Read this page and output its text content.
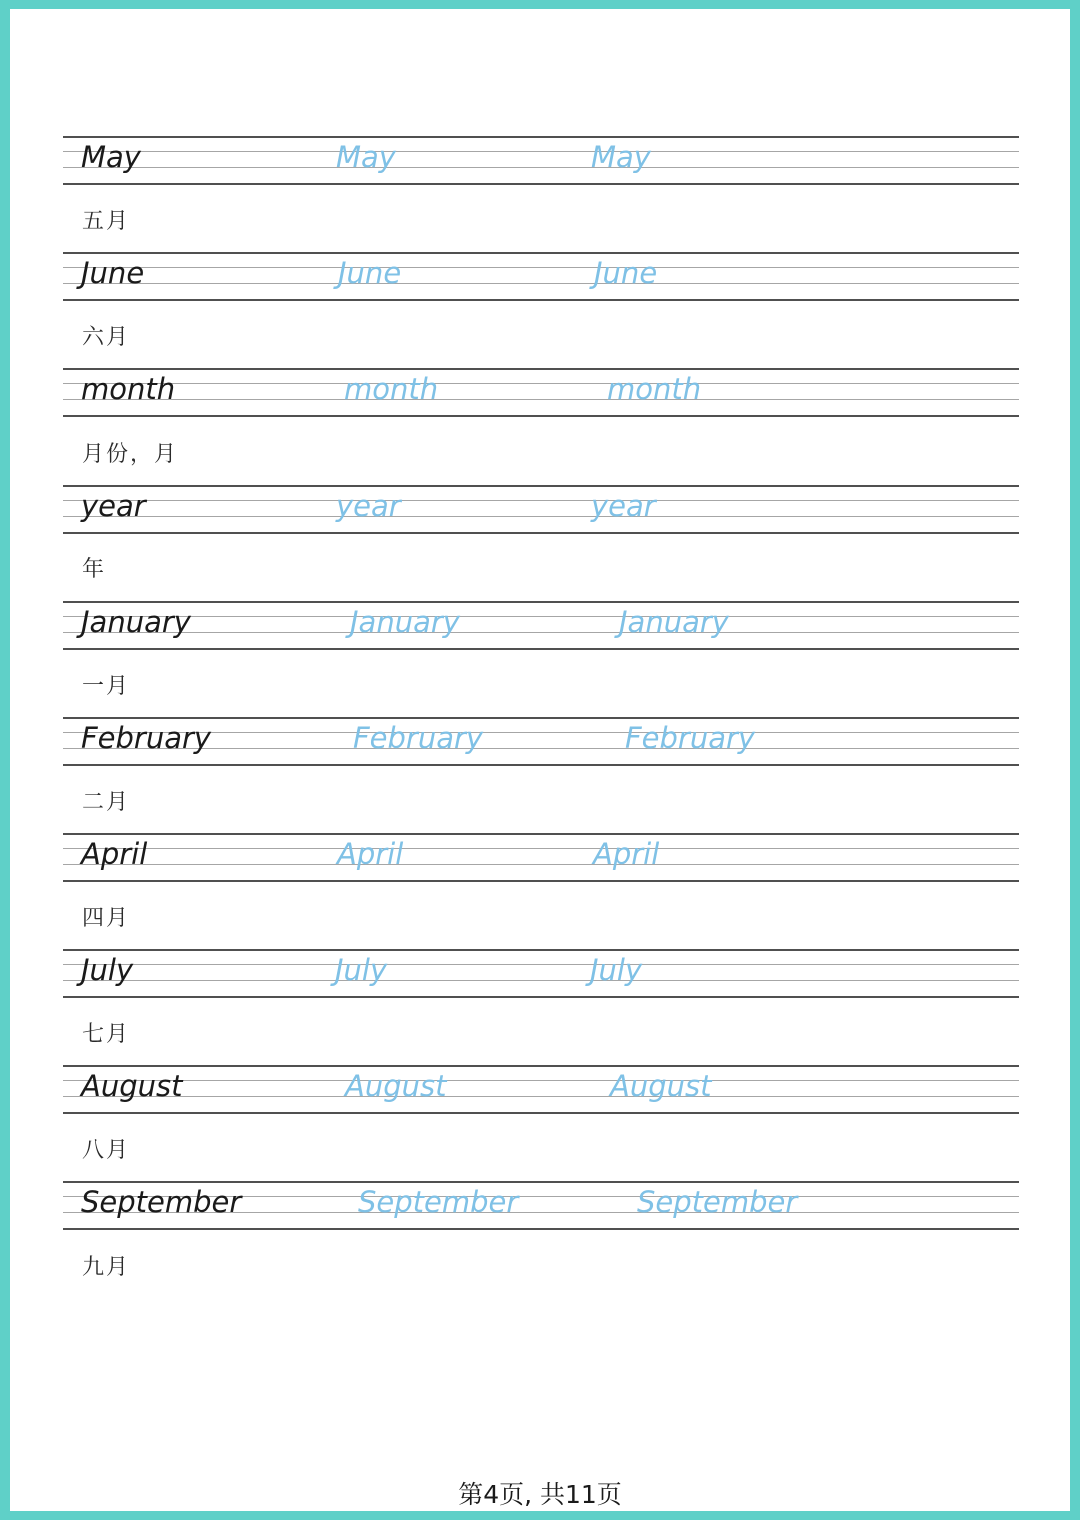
May	May	May
五月
June	June	June
六月
month	month	month
月份，月
year	year	year
年
January	January	January
一月
February	February	February
二月
April	April	April
四月
July	July	July
七月
August	August	August
八月
September	September	September
九月
第4页, 共11页
